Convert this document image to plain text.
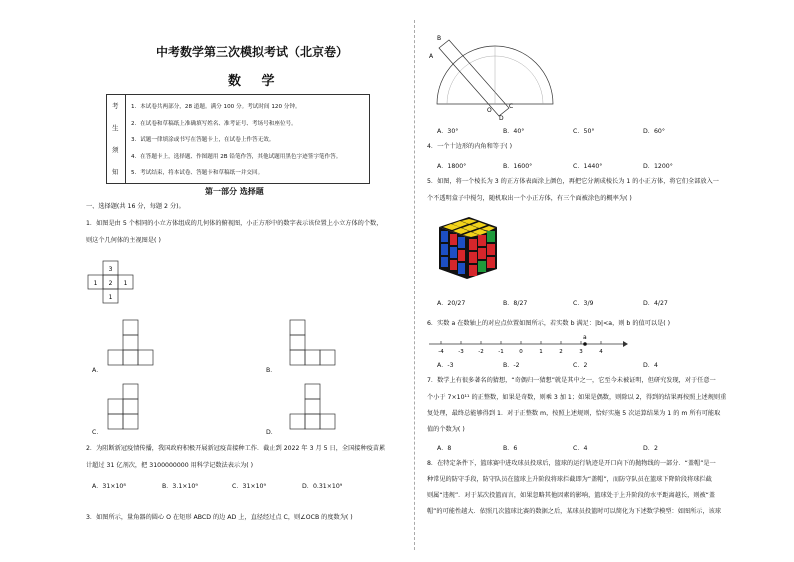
中考数学第三次模拟考试（北京卷）
数 学
考
生
须
知
1．本试卷共两部分，28 道题。满分 100 分。考试时间 120 分钟。
2．在试卷和草稿纸上准确填写姓名、准考证号、考场号和座位号。
3．试题一律填涂或书写在答题卡上，在试卷上作答无效。
4．在答题卡上，选择题、作图题用 2B 铅笔作答，其他试题用黑色字迹签字笔作答。
5．考试结束，将本试卷、答题卡和草稿纸一并交回。
第一部分 选择题
一、选择题(共 16 分，每题 2 分)。
1．如图是由 5 个相同的小立方体组成的几何体的俯视图，小正方形中的数字表示该位置上小立方体的个数，
则这个几何体的主视图是( )
3
1 2 1
1
A．	B．
C．	D．
2．为阻断新冠疫情传播，我国政府积极开展新冠疫苗接种工作．截止到 2022 年 3 月 5 日，全国接种疫苗累
计超过 31 亿剂次，把 3100000000 用科学记数法表示为( )
A．31×10⁸	B．3.1×10⁹	C．31×10⁹	D．0.31×10⁹
3．如图所示，量角器的圆心 O 在矩形 ABCD 的边 AD 上，直径经过点 C，则∠OCB 的度数为( )
B
A
O
C
D
A．30°	B．40°	C．50°	D．60°
4．一个十边形的内角和等于( )
A．1800°	B．1600°	C．1440°	D．1200°
5．如图，将一个棱长为 3 的正方体表面涂上颜色，再把它分割成棱长为 1 的小正方体，将它们全部放入一
个不透明盒子中搅匀，随机取出一个小正方体，有三个面被涂色的概率为( )
A．20/27	B．8/27	C．3/9	D．4/27
6．实数 a 在数轴上的对应点位置如图所示，若实数 b 满足：|b|<a，则 b 的值可以是( )
-4	-3	-2	-1	0	1	2	3	4
a
A．-3	B．-2	C．2	D．4
7．数学上有很多著名的猜想，“奇偶归一猜想”就是其中之一，它至今未被证明，但研究发现，对于任意一
个小于 7×10¹¹ 的正整数，如果是奇数，则乘 3 加 1；如果是偶数，则除以 2，得到的结果再按照上述规则重
复处理，最终总能够得到 1．对于正整数 m，按照上述规则，恰好实施 5 次运算结果为 1 的 m 所有可能取
值的个数为( )
A．8	B．6	C．4	D．2
8．在特定条件下，篮球赛中进攻球员投球后，篮球的运行轨迹是开口向下的抛物线的一部分．“盖帽”是一
种常见的防守手段，防守队员在篮球上升阶段将球拦截即为“盖帽”，而防守队员在篮球下降阶段将球拦截
则属“违规”．对于某次投篮而言，如果忽略其他因素的影响，篮球处于上升阶段的水平距离越长，则被“盖
帽”的可能性越大．依照几次篮球比赛的数据之后，某球员投篮时可以简化为下述数学模型：如图所示，该球
